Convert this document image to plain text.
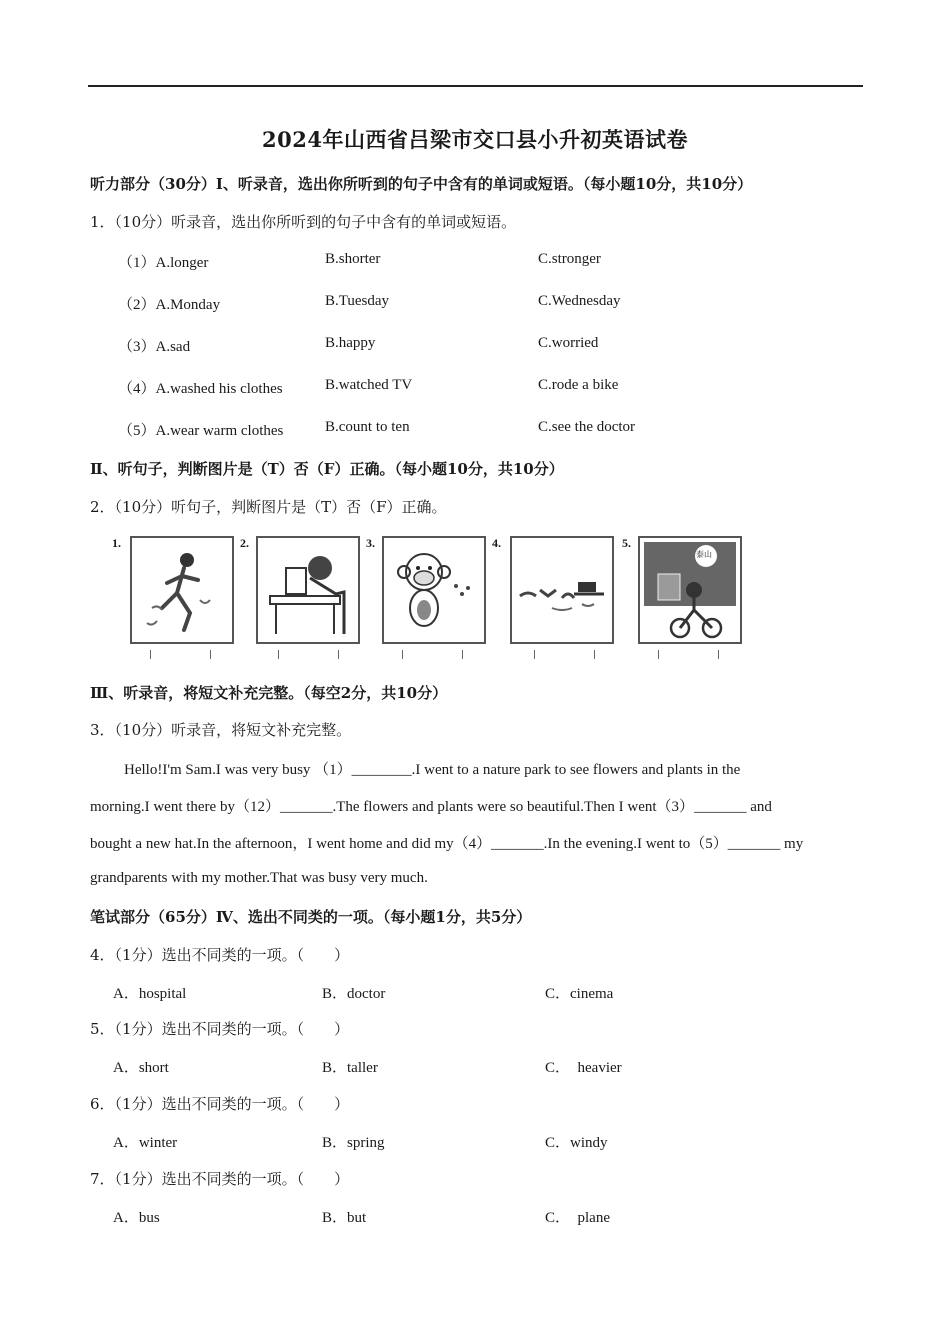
2024年山西省吕梁市交口县小升初英语试卷
听力部分（30分）Ⅰ、听录音，选出你所听到的句子中含有的单词或短语。（每小题10分，共10分）
1．（10分）听录音，选出你所听到的句子中含有的单词或短语。
（1）A.longer	B.shorter	C.stronger
（2）A.Monday	B.Tuesday	C.Wednesday
（3）A.sad	B.happy	C.worried
（4）A.washed his clothes	B.watched TV	C.rode a bike
（5）A.wear warm clothes	B.count to ten	C.see the doctor
Ⅱ、听句子，判断图片是（T）否（F）正确。（每小题10分，共10分）
2．（10分）听句子，判断图片是（T）否（F）正确。
1.	2.	3.	4.	5.
泰山
Ⅲ、听录音，将短文补充完整。（每空2分，共10分）
3．（10分）听录音，将短文补充完整。
Hello!I'm Sam.I was very busy （1）________.I went to a nature park to see flowers and plants in the
morning.I went there by（12）_______.The flowers and plants were so beautiful.Then I went（3）_______ and
bought a new hat.In the afternoon，I went home and did my（4）_______.In the evening.I went to（5）_______ my
grandparents with my mother.That was busy very much.
笔试部分（65分）Ⅳ、选出不同类的一项。（每小题1分，共5分）
4．（1分）选出不同类的一项。（　　）
A．hospital	B．doctor	C．cinema
5．（1分）选出不同类的一项。（　　）
A．short	B．taller	C．　heavier
6．（1分）选出不同类的一项。（　　）
A．winter	B．spring	C．windy
7．（1分）选出不同类的一项。（　　）
A．bus	B．but	C．　plane
